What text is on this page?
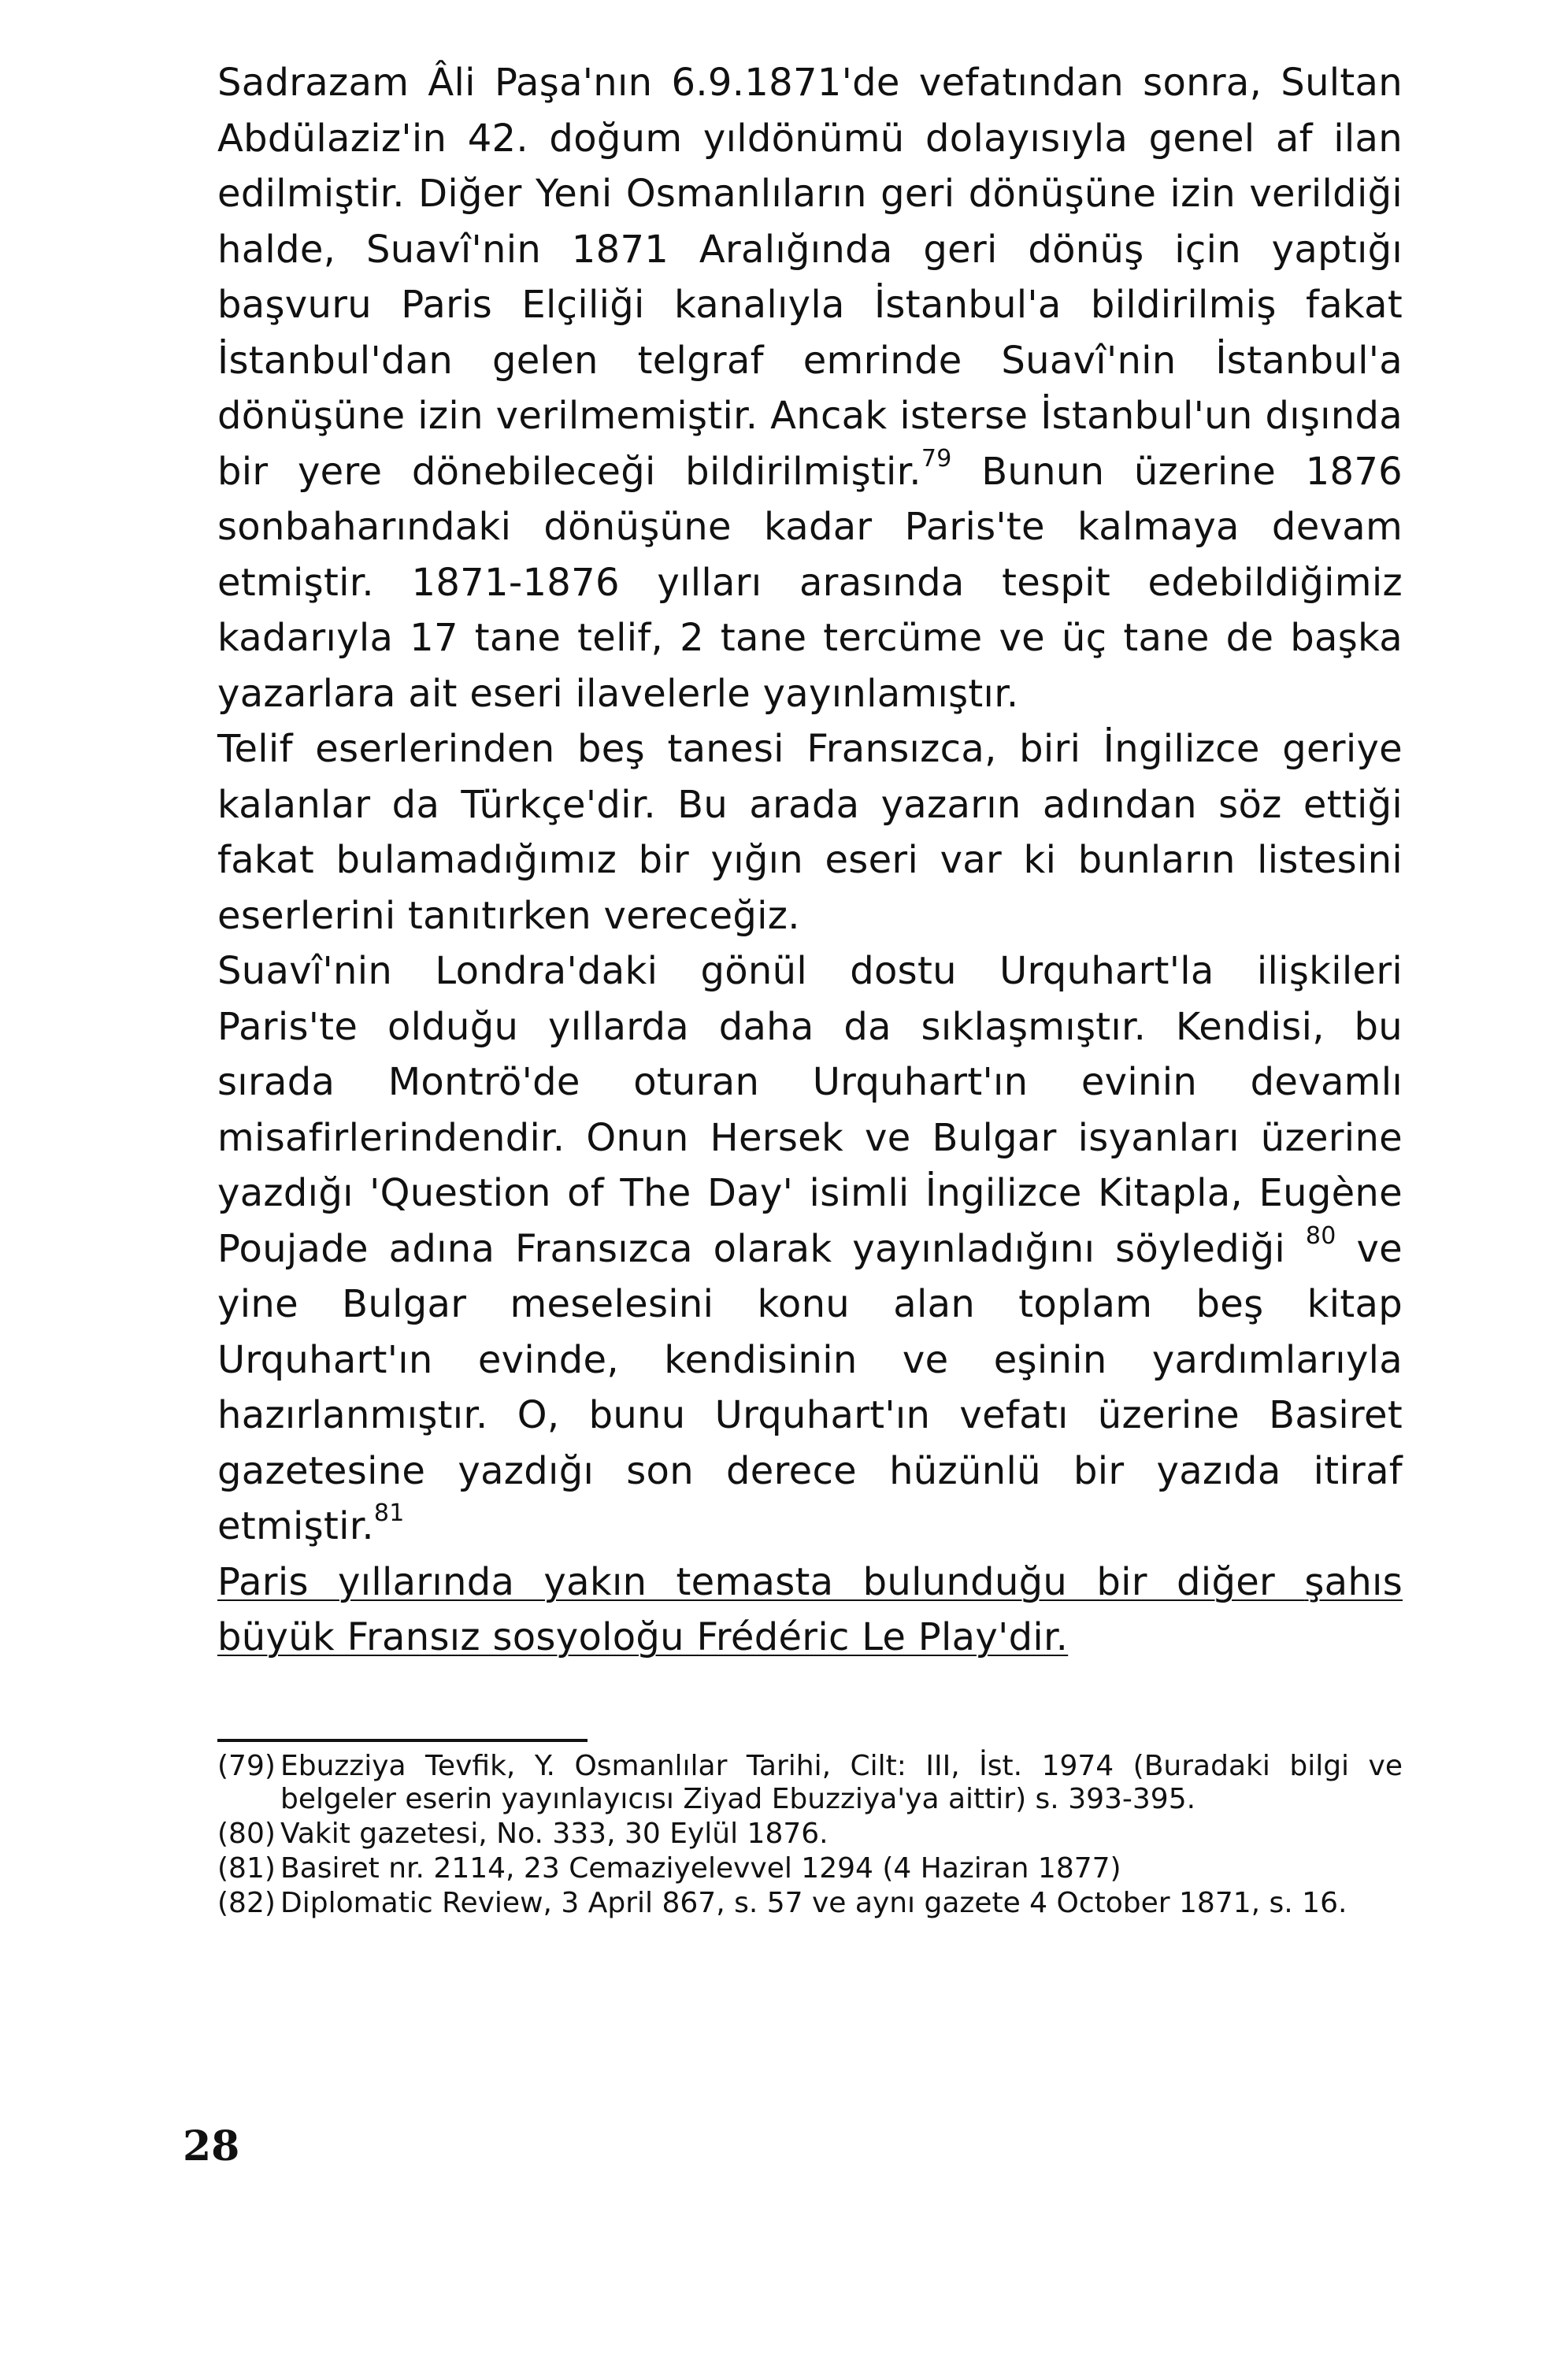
Sadrazam Âli Paşa'nın 6.9.1871'de vefatından sonra, Sultan Abdülaziz'in 42. doğum yıldönümü dolayısıyla genel af ilan edilmiştir. Diğer Yeni Osmanlıların geri dönüşüne izin verildiği halde, Suavî'nin 1871 Aralığında geri dönüş için yaptığı başvuru Paris Elçiliği kanalıyla İstanbul'a bildirilmiş fakat İstanbul'dan gelen telgraf emrinde Suavî'nin İstanbul'a dönüşüne izin verilmemiştir. Ancak isterse İstanbul'un dışında bir yere dönebileceği bildirilmiştir.$^{79}$ Bunun üzerine 1876 sonbaharındaki dönüşüne kadar Paris'te kalmaya devam etmiştir. 1871-1876 yılları arasında tespit edebildiğimiz kadarıyla 17 tane telif, 2 tane tercüme ve üç tane de başka yazarlara ait eseri ilavelerle yayınlamıştır.

Telif eserlerinden beş tanesi Fransızca, biri İngilizce geriye kalanlar da Türkçe'dir. Bu arada yazarın adından söz ettiği fakat bulamadığımız bir yığın eseri var ki bunların listesini eserlerini tanıtırken vereceğiz.

Suavî'nin Londra'daki gönül dostu Urquhart'la ilişkileri Paris'te olduğu yıllarda daha da sıklaşmıştır. Kendisi, bu sırada Montrö'de oturan Urquhart'ın evinin devamlı misafirlerindendir. Onun Hersek ve Bulgar isyanları üzerine yazdığı 'Question of The Day' isimli İngilizce Kitapla, Eugène Poujade adına Fransızca olarak yayınladığını söylediği $^{80}$ ve yine Bulgar meselesini konu alan toplam beş kitap Urquhart'ın evinde, kendisinin ve eşinin yardımlarıyla hazırlanmıştır. O, bunu Urquhart'ın vefatı üzerine Basiret gazetesine yazdığı son derece hüzünlü bir yazıda itiraf etmiştir.$^{81}$

Paris yıllarında yakın temasta bulunduğu bir diğer şahıs büyük Fransız sosyoloğu Frédéric Le Play'dir.

(79) Ebuzziya Tevfik, Y. Osmanlılar Tarihi, Cilt: III, İst. 1974 (Buradaki bilgi ve belgeler eserin yayınlayıcısı Ziyad Ebuzziya'ya aittir) s. 393-395.
(80) Vakit gazetesi, No. 333, 30 Eylül 1876.
(81) Basiret nr. 2114, 23 Cemaziyelevvel 1294 (4 Haziran 1877)
(82) Diplomatic Review, 3 April 867, s. 57 ve aynı gazete 4 October 1871, s. 16.
28
